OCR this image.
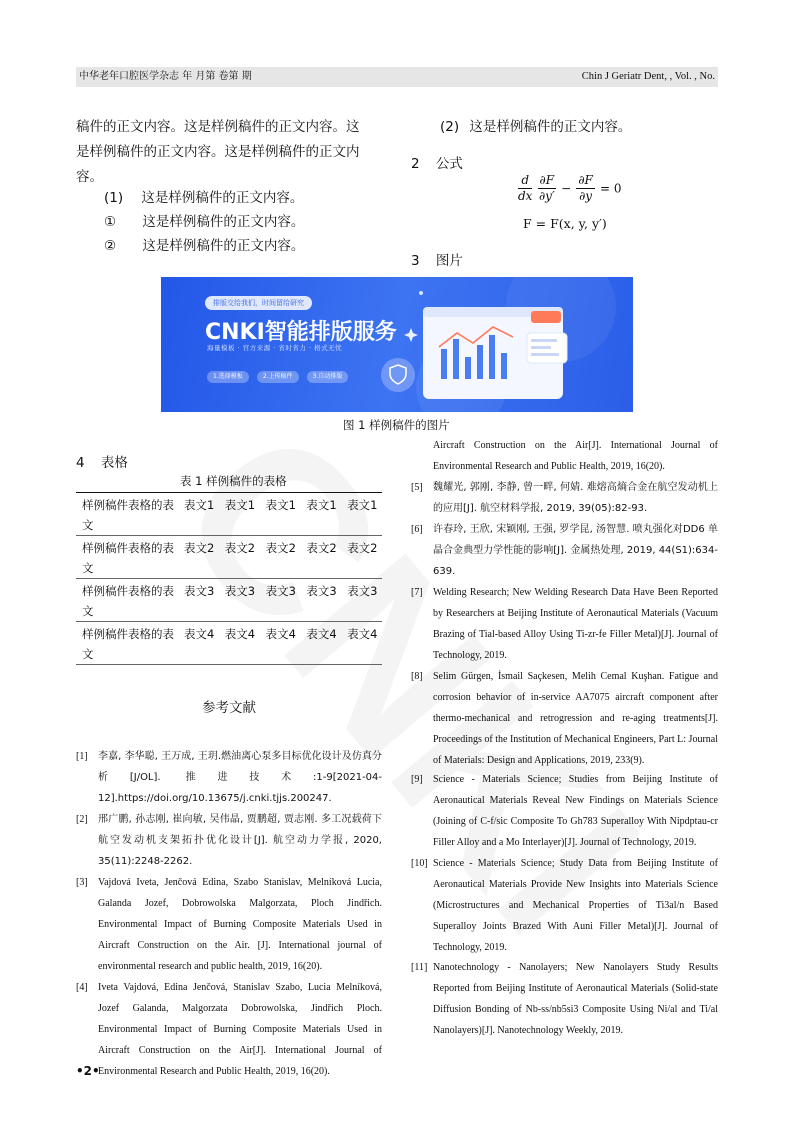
中华老年口腔医学杂志 年 月第 卷第 期	Chin J Geriatr Dent, , Vol. , No.
稿件的正文内容。这是样例稿件的正文内容。这
是样例稿件的正文内容。这是样例稿件的正文内
容。
(1) 这是样例稿件的正文内容。
① 这是样例稿件的正文内容。
② 这是样例稿件的正文内容。
(2) 这是样例稿件的正文内容。
2 公式
$\frac{d}{dx}$
$\frac{\partial F}{\partial y'} - \frac{\partial F}{\partial y} = 0$
F = F(x, y, y′)
3 图片
排版交给我们，时间留给研究
CNKI智能排版服务
海量模板 · 官方来源 · 省时省力 · 格式无忧
1.选择模板	2.上传稿件	3.自动排版
图 1 样例稿件的图片
4 表格
表 1 样例稿件的表格
样例稿件表格的表文	表文1	表文1	表文1	表文1	表文1
样例稿件表格的表文	表文2	表文2	表文2	表文2	表文2
样例稿件表格的表文	表文3	表文3	表文3	表文3	表文3
样例稿件表格的表文	表文4	表文4	表文4	表文4	表文4
参考文献
[1] 李嘉, 李华聪, 王万成, 王玥.燃油离心泵多目标优化设计及仿真分析[J/OL]. 推进技术:1-9[2021-04-12].https://doi.org/10.13675/j.cnki.tjjs.200247.
[2] 邢广鹏, 孙志刚, 崔向敏, 吴伟晶, 贾鹏超, 贾志刚. 多工况载荷下航空发动机支架拓扑优化设计[J]. 航空动力学报, 2020, 35(11):2248-2262.
[3] Vajdová Iveta, Jenčová Edina, Szabo Stanislav, Melníková Lucia, Galanda Jozef, Dobrowolska Malgorzata, Ploch Jindřich. Environmental Impact of Burning Composite Materials Used in Aircraft Construction on the Air. [J]. International journal of environmental research and public health, 2019, 16(20).
[4] Iveta Vajdová, Edina Jenčová, Stanislav Szabo, Lucia Melníková, Jozef Galanda, Malgorzata Dobrowolska, Jindřich Ploch. Environmental Impact of Burning Composite Materials Used in Aircraft Construction on the Air[J]. International Journal of Environmental Research and Public Health, 2019, 16(20).
Aircraft Construction on the Air[J]. International Journal of Environmental Research and Public Health, 2019, 16(20).
[5] 魏耀光, 郭刚, 李静, 曾一畔, 何婧. 难熔高熵合金在航空发动机上的应用[J]. 航空材料学报, 2019, 39(05):82-93.
[6] 许春玲, 王欣, 宋颖刚, 王强, 罗学昆, 汤智慧. 喷丸强化对DD6 单晶合金典型力学性能的影响[J]. 金属热处理, 2019, 44(S1):634-639.
[7] Welding Research; New Welding Research Data Have Been Reported by Researchers at Beijing Institute of Aeronautical Materials (Vacuum Brazing of Tial-based Alloy Using Ti-zr-fe Filler Metal)[J]. Journal of Technology, 2019.
[8] Selim Gürgen, İsmail Saçkesen, Melih Cemal Kuşhan. Fatigue and corrosion behavior of in-service AA7075 aircraft component after thermo-mechanical and retrogression and re-aging treatments[J]. Proceedings of the Institution of Mechanical Engineers, Part L: Journal of Materials: Design and Applications, 2019, 233(9).
[9] Science - Materials Science; Studies from Beijing Institute of Aeronautical Materials Reveal New Findings on Materials Science (Joining of C-f/sic Composite To Gh783 Superalloy With Nipdptau-cr Filler Alloy and a Mo Interlayer)[J]. Journal of Technology, 2019.
[10] Science - Materials Science; Study Data from Beijing Institute of Aeronautical Materials Provide New Insights into Materials Science (Microstructures and Mechanical Properties of Ti3al/n Based Superalloy Joints Brazed With Auni Filler Metal)[J]. Journal of Technology, 2019.
[11] Nanotechnology - Nanolayers; New Nanolayers Study Results Reported from Beijing Institute of Aeronautical Materials (Solid-state Diffusion Bonding of Nb-ss/nb5si3 Composite Using Ni/al and Ti/al Nanolayers)[J]. Nanotechnology Weekly, 2019.
•2•
